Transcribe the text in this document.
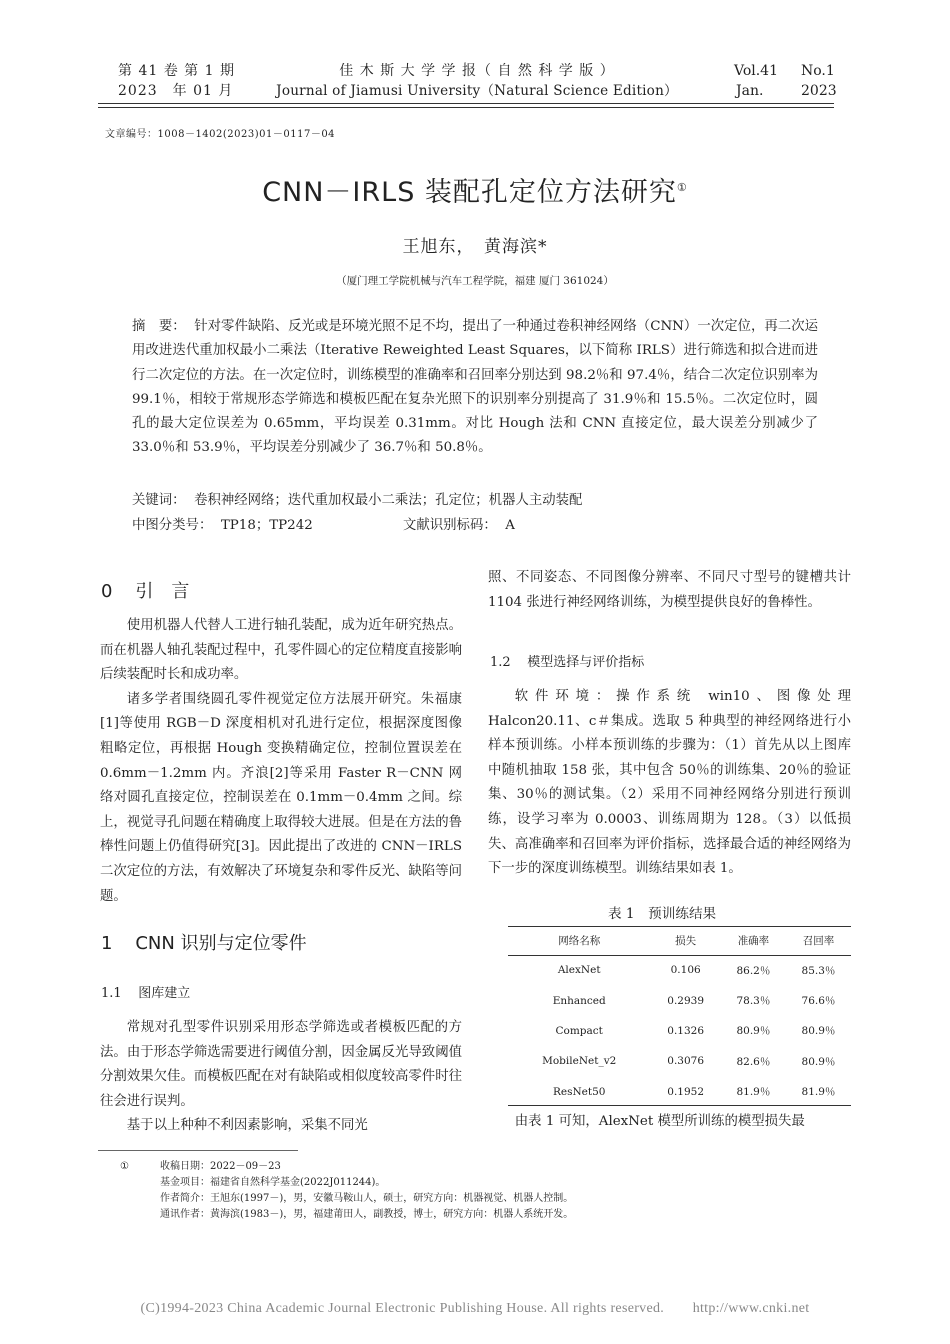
第 41 卷 第 1 期
2023　年 01 月
佳 木 斯 大 学 学 报（ 自 然 科 学 版 ）
Journal of Jiamusi University（Natural Science Edition）
Vol.41 No.1
Jan.	2023
文章编号：1008－1402(2023)01－0117－04
CNN－IRLS 装配孔定位方法研究①
王旭东，　黄海滨*
（厦门理工学院机械与汽车工程学院，福建 厦门 361024）
摘　要： 针对零件缺陷、反光或是环境光照不足不均，提出了一种通过卷积神经网络（CNN）一次定位，再二次运用改进迭代重加权最小二乘法（Iterative Reweighted Least Squares，以下简称 IRLS）进行筛选和拟合进而进行二次定位的方法。在一次定位时，训练模型的准确率和召回率分别达到 98.2％和 97.4％，结合二次定位识别率为 99.1％，相较于常规形态学筛选和模板匹配在复杂光照下的识别率分别提高了 31.9％和 15.5％。二次定位时，圆孔的最大定位误差为 0.65mm，平均误差 0.31mm。对比 Hough 法和 CNN 直接定位，最大误差分别减少了 33.0％和 53.9％，平均误差分别减少了 36.7％和 50.8％。
关键词： 卷积神经网络；迭代重加权最小二乘法；孔定位；机器人主动装配
中图分类号： TP18；TP242	文献识别标码： A
0 引　言

使用机器人代替人工进行轴孔装配，成为近年研究热点。而在机器人轴孔装配过程中，孔零件圆心的定位精度直接影响后续装配时长和成功率。

诸多学者围绕圆孔零件视觉定位方法展开研究。朱福康[1]等使用 RGB－D 深度相机对孔进行定位，根据深度图像粗略定位，再根据 Hough 变换精确定位，控制位置误差在 0.6mm－1.2mm 内。齐浪[2]等采用 Faster R－CNN 网络对圆孔直接定位，控制误差在 0.1mm－0.4mm 之间。综上，视觉寻孔问题在精确度上取得较大进展。但是在方法的鲁棒性问题上仍值得研究[3]。因此提出了改进的 CNN－IRLS 二次定位的方法，有效解决了环境复杂和零件反光、缺陷等问题。

1 CNN 识别与定位零件
1.1 图库建立

常规对孔型零件识别采用形态学筛选或者模板匹配的方法。由于形态学筛选需要进行阈值分割，因金属反光导致阈值分割效果欠佳。而模板匹配在对有缺陷或相似度较高零件时往往会进行误判。

基于以上种种不利因素影响，采集不同光

照、不同姿态、不同图像分辨率、不同尺寸型号的键槽共计 1104 张进行神经网络训练，为模型提供良好的鲁棒性。

1.2 模型选择与评价指标

软件环境：操作系统 win10、图像处理 Halcon20.11、c＃集成。选取 5 种典型的神经网络进行小样本预训练。小样本预训练的步骤为：（1）首先从以上图库中随机抽取 158 张，其中包含 50％的训练集、20％的验证集、30％的测试集。（2）采用不同神经网络分别进行预训练，设学习率为 0.0003、训练周期为 128。（3）以低损失、高准确率和召回率为评价指标，选择最合适的神经网络为下一步的深度训练模型。训练结果如表 1。

表 1　预训练结果
网络名称	损失	准确率	召回率
AlexNet	0.106	86.2％	85.3％
Enhanced	0.2939	78.3％	76.6％
Compact	0.1326	80.9％	80.9％
MobileNet_v2	0.3076	82.6％	80.9％
ResNet50	0.1952	81.9％	81.9％

由表 1 可知，AlexNet 模型所训练的模型损失最

①	收稿日期：2022－09－23
基金项目：福建省自然科学基金(2022J011244)。
作者简介：王旭东(1997－)，男，安徽马鞍山人，硕士，研究方向：机器视觉、机器人控制。
通讯作者：黄海滨(1983－)，男，福建莆田人，副教授，博士，研究方向：机器人系统开发。
(C)1994-2023 China Academic Journal Electronic Publishing House. All rights reserved.　　http://www.cnki.net
